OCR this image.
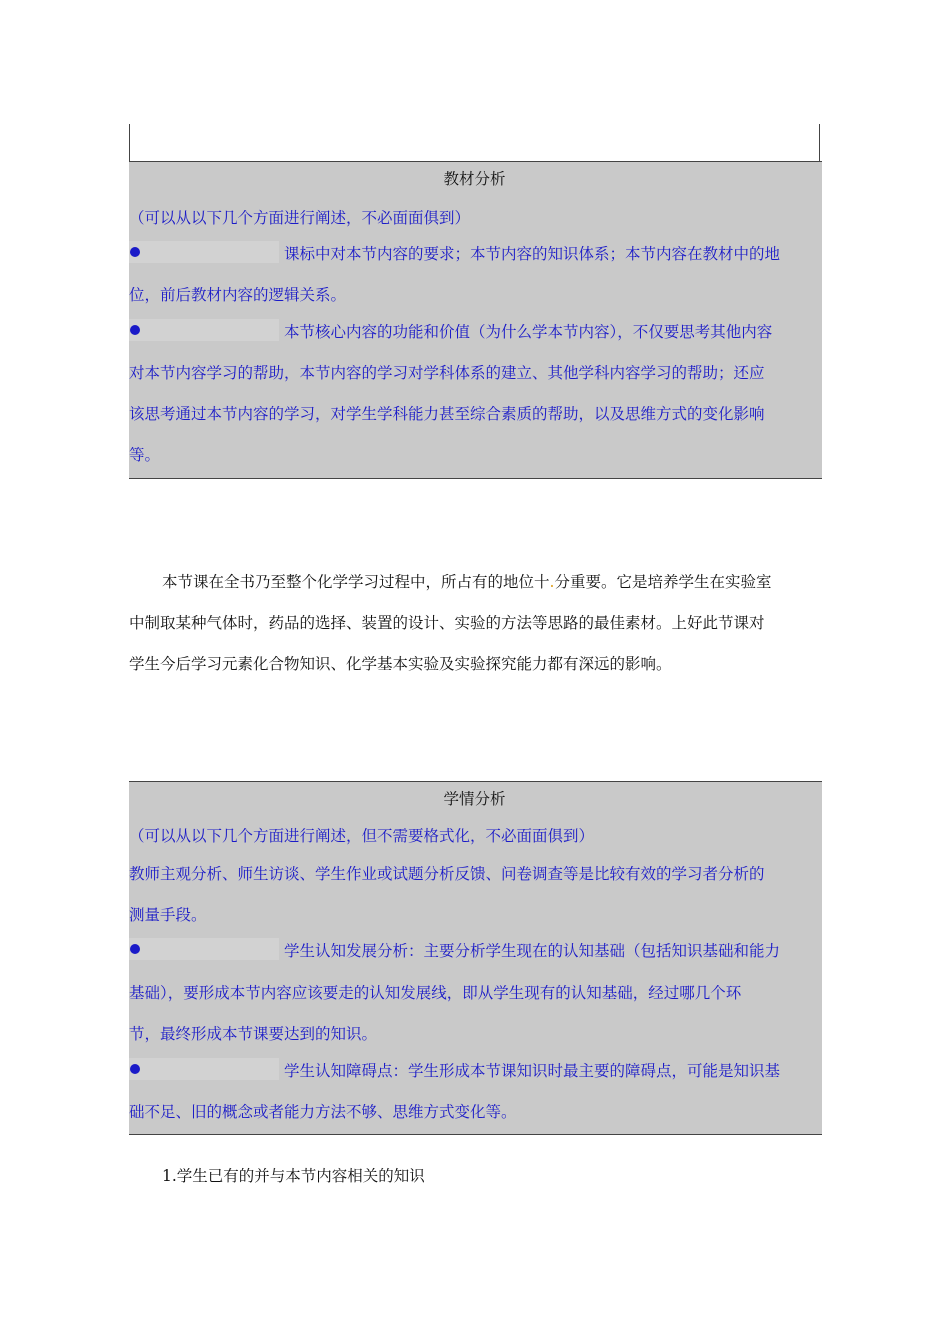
教材分析
（可以从以下几个方面进行阐述，不必面面俱到）
课标中对本节内容的要求；本节内容的知识体系；本节内容在教材中的地
位，前后教材内容的逻辑关系。
本节核心内容的功能和价值（为什么学本节内容），不仅要思考其他内容
对本节内容学习的帮助，本节内容的学习对学科体系的建立、其他学科内容学习的帮助；还应
该思考通过本节内容的学习，对学生学科能力甚至综合素质的帮助，以及思维方式的变化影响
等。
本节课在全书乃至整个化学学习过程中，所占有的地位十.分重要。它是培养学生在实验室
中制取某种气体时，药品的选择、装置的设计、实验的方法等思路的最佳素材。上好此节课对
学生今后学习元素化合物知识、化学基本实验及实验探究能力都有深远的影响。
学情分析
（可以从以下几个方面进行阐述，但不需要格式化，不必面面俱到）
教师主观分析、师生访谈、学生作业或试题分析反馈、问卷调查等是比较有效的学习者分析的
测量手段。
学生认知发展分析：主要分析学生现在的认知基础（包括知识基础和能力
基础），要形成本节内容应该要走的认知发展线，即从学生现有的认知基础，经过哪几个环
节，最终形成本节课要达到的知识。
学生认知障碍点：学生形成本节课知识时最主要的障碍点，可能是知识基
础不足、旧的概念或者能力方法不够、思维方式变化等。
1.学生已有的并与本节内容相关的知识
